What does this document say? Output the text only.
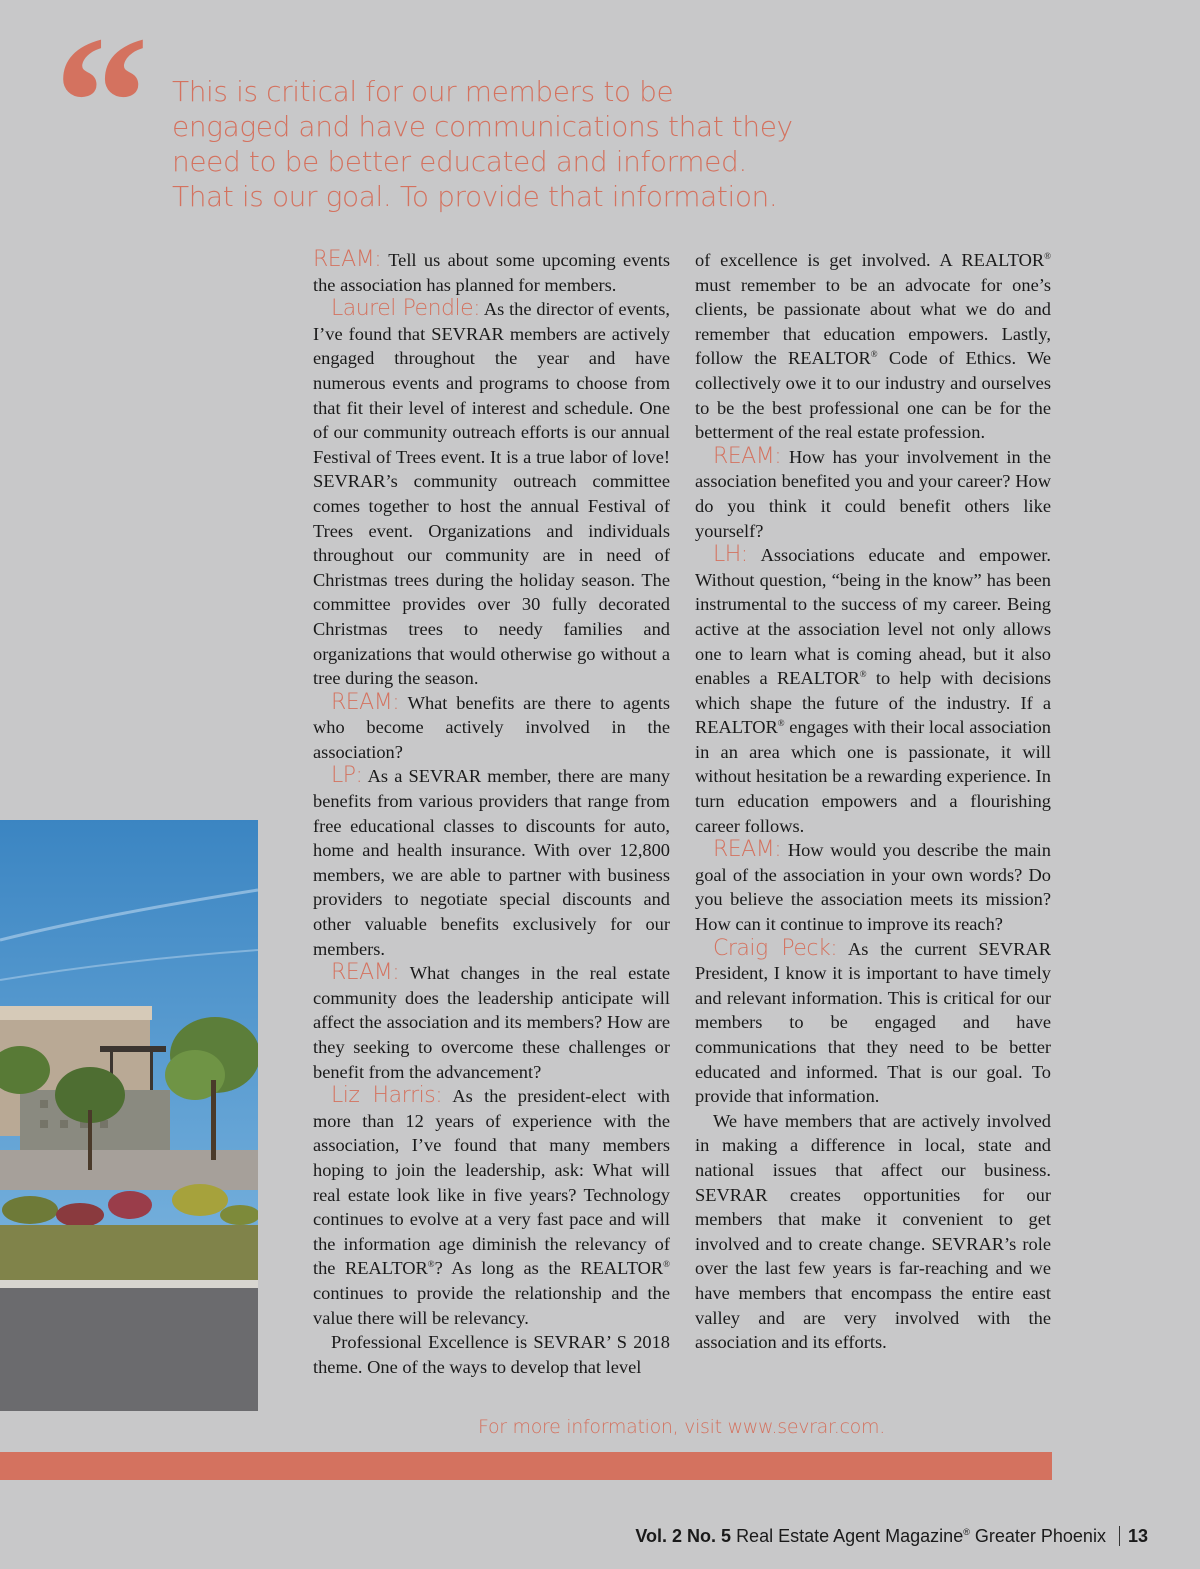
“ This is critical for our members to be
engaged and have communications that they
need to be better educated and informed.
That is our goal. To provide that information.

REAM: Tell us about some upcoming events the association has planned for members.

Laurel Pendle: As the director of events, I’ve found that SEVRAR members are actively engaged throughout the year and have numerous events and programs to choose from that fit their level of interest and schedule. One of our community outreach efforts is our annual Festival of Trees event. It is a true labor of love! SEVRAR’s community outreach committee comes together to host the annual Festival of Trees event. Organizations and individuals throughout our community are in need of Christmas trees during the holiday season. The committee provides over 30 fully decorated Christmas trees to needy families and organizations that would otherwise go without a tree during the season.

REAM: What benefits are there to agents who become actively involved in the association?

LP: As a SEVRAR member, there are many benefits from various providers that range from free educational classes to discounts for auto, home and health insurance. With over 12,800 members, we are able to partner with business providers to negotiate special discounts and other valuable benefits exclusively for our members.

REAM: What changes in the real estate community does the leadership anticipate will affect the association and its members? How are they seeking to overcome these challenges or benefit from the advancement?

Liz Harris: As the president-elect with more than 12 years of experience with the association, I’ve found that many members hoping to join the leadership, ask: What will real estate look like in five years? Technology continues to evolve at a very fast pace and will the information age diminish the relevancy of the REALTOR®? As long as the REALTOR® continues to provide the relationship and the value there will be relevancy.

Professional Excellence is SEVRAR’ S 2018 theme. One of the ways to develop that level

of excellence is get involved. A REALTOR® must remember to be an advocate for one’s clients, be passionate about what we do and remember that education empowers. Lastly, follow the REALTOR® Code of Ethics. We collectively owe it to our industry and ourselves to be the best professional one can be for the betterment of the real estate profession.

REAM: How has your involvement in the association benefited you and your career? How do you think it could benefit others like yourself?

LH: Associations educate and empower. Without question, “being in the know” has been instrumental to the success of my career. Being active at the association level not only allows one to learn what is coming ahead, but it also enables a REALTOR® to help with decisions which shape the future of the industry. If a REALTOR® engages with their local association in an area which one is passionate, it will without hesitation be a rewarding experience. In turn education empowers and a flourishing career follows.

REAM: How would you describe the main goal of the association in your own words? Do you believe the association meets its mission? How can it continue to improve its reach?

Craig Peck: As the current SEVRAR President, I know it is important to have timely and relevant information. This is critical for our members to be engaged and have communications that they need to be better educated and informed. That is our goal. To provide that information.

We have members that are actively involved in making a difference in local, state and national issues that affect our business. SEVRAR creates opportunities for our members that make it convenient to get involved and to create change. SEVRAR’s role over the last few years is far-reaching and we have members that encompass the entire east valley and are very involved with the association and its efforts.

For more information, visit www.sevrar.com.
Vol. 2 No. 5 Real Estate Agent Magazine® Greater Phoenix 13
